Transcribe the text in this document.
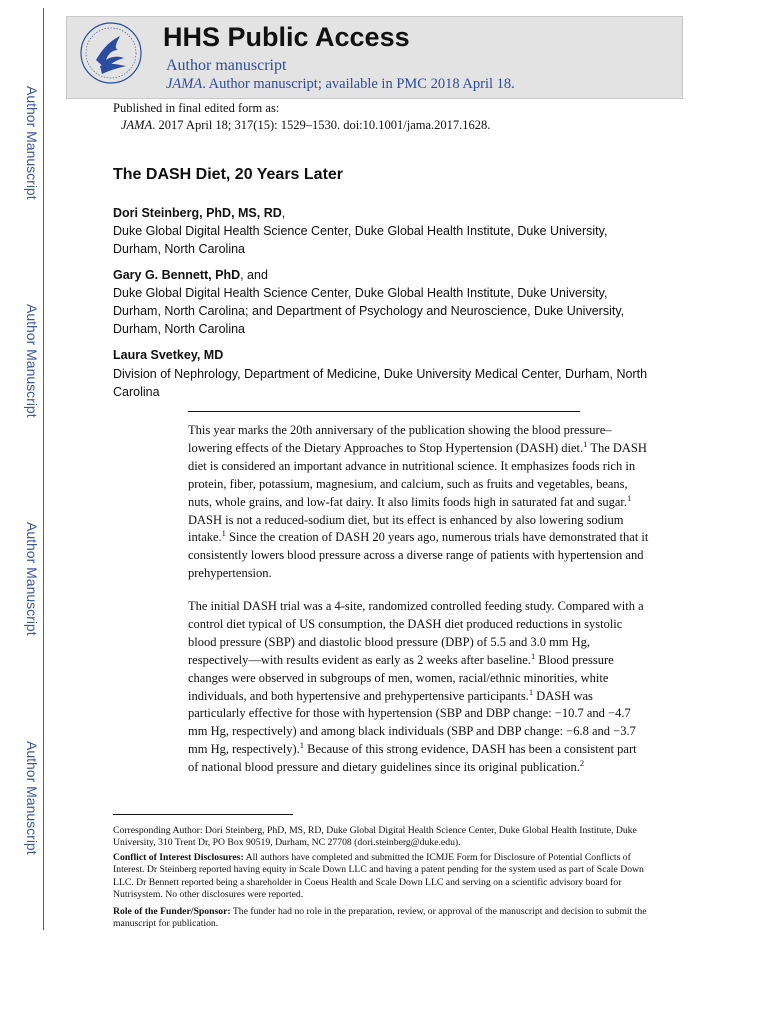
Author Manuscript
Author Manuscript
Author Manuscript
Author Manuscript
HHS Public Access
Author manuscript
JAMA. Author manuscript; available in PMC 2018 April 18.
Published in final edited form as:
JAMA. 2017 April 18; 317(15): 1529–1530. doi:10.1001/jama.2017.1628.
The DASH Diet, 20 Years Later
Dori Steinberg, PhD, MS, RD,
Duke Global Digital Health Science Center, Duke Global Health Institute, Duke University, Durham, North Carolina
Gary G. Bennett, PhD, and
Duke Global Digital Health Science Center, Duke Global Health Institute, Duke University, Durham, North Carolina; and Department of Psychology and Neuroscience, Duke University, Durham, North Carolina
Laura Svetkey, MD
Division of Nephrology, Department of Medicine, Duke University Medical Center, Durham, North Carolina
This year marks the 20th anniversary of the publication showing the blood pressure–lowering effects of the Dietary Approaches to Stop Hypertension (DASH) diet.$^1$ The DASH diet is considered an important advance in nutritional science. It emphasizes foods rich in protein, fiber, potassium, magnesium, and calcium, such as fruits and vegetables, beans, nuts, whole grains, and low-fat dairy. It also limits foods high in saturated fat and sugar.$^1$ DASH is not a reduced-sodium diet, but its effect is enhanced by also lowering sodium intake.$^1$ Since the creation of DASH 20 years ago, numerous trials have demonstrated that it consistently lowers blood pressure across a diverse range of patients with hypertension and prehypertension.
The initial DASH trial was a 4-site, randomized controlled feeding study. Compared with a control diet typical of US consumption, the DASH diet produced reductions in systolic blood pressure (SBP) and diastolic blood pressure (DBP) of 5.5 and 3.0 mm Hg, respectively—with results evident as early as 2 weeks after baseline.$^1$ Blood pressure changes were observed in subgroups of men, women, racial/ethnic minorities, white individuals, and both hypertensive and prehypertensive participants.$^1$ DASH was particularly effective for those with hypertension (SBP and DBP change: −10.7 and −4.7 mm Hg, respectively) and among black individuals (SBP and DBP change: −6.8 and −3.7 mm Hg, respectively).$^1$ Because of this strong evidence, DASH has been a consistent part of national blood pressure and dietary guidelines since its original publication.$^2$
Corresponding Author: Dori Steinberg, PhD, MS, RD, Duke Global Digital Health Science Center, Duke Global Health Institute, Duke University, 310 Trent Dr, PO Box 90519, Durham, NC 27708 (dori.steinberg@duke.edu).
Conflict of Interest Disclosures: All authors have completed and submitted the ICMJE Form for Disclosure of Potential Conflicts of Interest. Dr Steinberg reported having equity in Scale Down LLC and having a patent pending for the system used as part of Scale Down LLC. Dr Bennett reported being a shareholder in Coeus Health and Scale Down LLC and serving on a scientific advisory board for Nutrisystem. No other disclosures were reported.
Role of the Funder/Sponsor: The funder had no role in the preparation, review, or approval of the manuscript and decision to submit the manuscript for publication.
